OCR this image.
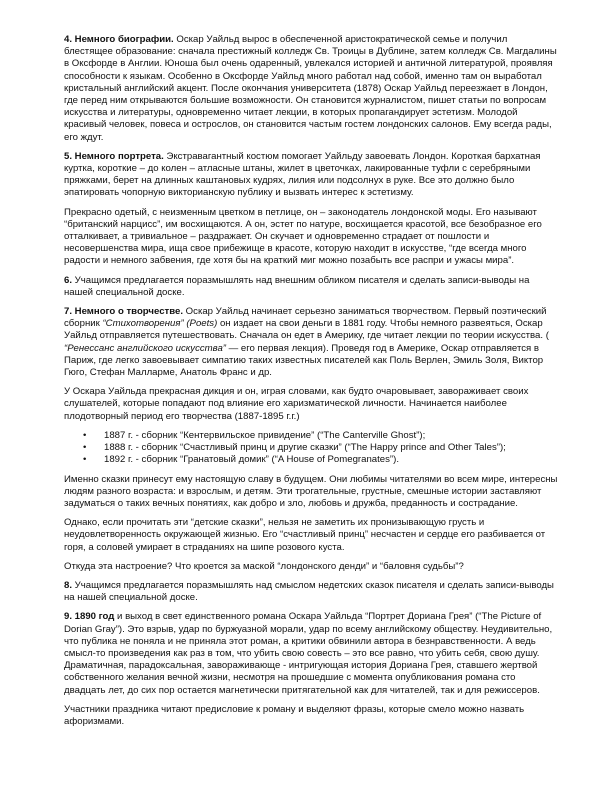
4. Немного биографии. Оскар Уайльд вырос в обеспеченной аристократической семье и получил блестящее образование: сначала престижный колледж Св. Троицы в Дублине, затем колледж Св. Магдалины в Оксфорде в Англии. Юноша был очень одаренный, увлекался историей и античной литературой, проявляя способности к языкам. Особенно в Оксфорде Уайльд много работал над собой, именно там он выработал кристальный английский акцент. После окончания университета (1878) Оскар Уайльд переезжает в Лондон, где перед ним открываются большие возможности. Он становится журналистом, пишет статьи по вопросам искусства и литературы, одновременно читает лекции, в которых пропагандирует эстетизм. Молодой красивый человек, повеса и острослов, он становится частым гостем лондонских салонов. Ему всегда рады, его ждут.

5. Немного портрета. Экстравагантный костюм помогает Уайльду завоевать Лондон. Короткая бархатная куртка, короткие – до колен – атласные штаны, жилет в цветочках, лакированные туфли с серебряными пряжками, берет на длинных каштановых кудрях, лилия или подсолнух в руке. Все это должно было эпатировать чопорную викторианскую публику и вызвать интерес к эстетизму.

Прекрасно одетый, с неизменным цветком в петлице, он – законодатель лондонской моды. Его называют “британский нарцисс”, им восхищаются. А он, эстет по натуре, восхищается красотой, все безобразное его отталкивает, а тривиальное – раздражает. Он скучает и одновременно страдает от пошлости и несовершенства мира, ища свое прибежище в красоте, которую находит в искусстве, “где всегда много радости и немного забвения, где хотя бы на краткий миг можно позабыть все распри и ужасы мира”.

6. Учащимся предлагается поразмышлять над внешним обликом писателя и сделать записи-выводы на нашей специальной доске.

7. Немного о творчестве. Оскар Уайльд начинает серьезно заниматься творчеством. Первый поэтический сборник “Стихотворения” (Poets) он издает на свои деньги в 1881 году. Чтобы немного развеяться, Оскар Уайльд отправляется путешествовать. Сначала он едет в Америку, где читает лекции по теории искусства. ( “Ренессанс английского искусства” — его первая лекция). Проведя год в Америке, Оскар отправляется в Париж, где легко завоевывает симпатию таких известных писателей как Поль Верлен, Эмиль Золя, Виктор Гюго, Стефан Малларме, Анатоль Франс и др.

У Оскара Уайльда прекрасная дикция и он, играя словами, как будто очаровывает, завораживает своих слушателей, которые попадают под влияние его харизматической личности. Начинается наиболее плодотворный период его творчества (1887-1895 г.г.)

• 1887 г. - сборник “Кентервильское привидение” (“The Canterville Ghost”);
• 1888 г. - сборник “Счастливый принц и другие сказки” (“The Happy prince and Other Tales”);
• 1892 г. - сборник “Гранатовый домик” (“A House of Pomegranates”).

Именно сказки принесут ему настоящую славу в будущем. Они любимы читателями во всем мире, интересны людям разного возраста: и взрослым, и детям. Эти трогательные, грустные, смешные истории заставляют задуматься о таких вечных понятиях, как добро и зло, любовь и дружба, преданность и сострадание.

Однако, если прочитать эти “детские сказки”, нельзя не заметить их пронизывающую грусть и неудовлетворенность окружающей жизнью. Его “счастливый принц” несчастен и сердце его разбивается от горя, а соловей умирает в страданиях на шипе розового куста.

Откуда эта настроение? Что кроется за маской “лондонского денди” и “баловня судьбы”?

8. Учащимся предлагается поразмышлять над смыслом недетских сказок писателя и сделать записи-выводы на нашей специальной доске.

9. 1890 год и выход в свет единственного романа Оскара Уайльда “Портрет Дориана Грея” (“The Picture of Dorian Gray”). Это взрыв, удар по буржуазной морали, удар по всему английскому обществу. Неудивительно, что публика не поняла и не приняла этот роман, а критики обвинили автора в безнравственности. А ведь смысл-то произведения как раз в том, что убить свою совесть – это все равно, что убить себя, свою душу. Драматичная, парадоксальная, завораживающе - интригующая история Дориана Грея, ставшего жертвой собственного желания вечной жизни, несмотря на прошедшие с момента опубликования романа сто двадцать лет, до сих пор остается магнетически притягательной как для читателей, так и для режиссеров.

Участники праздника читают предисловие к роману и выделяют фразы, которые смело можно назвать афоризмами.
